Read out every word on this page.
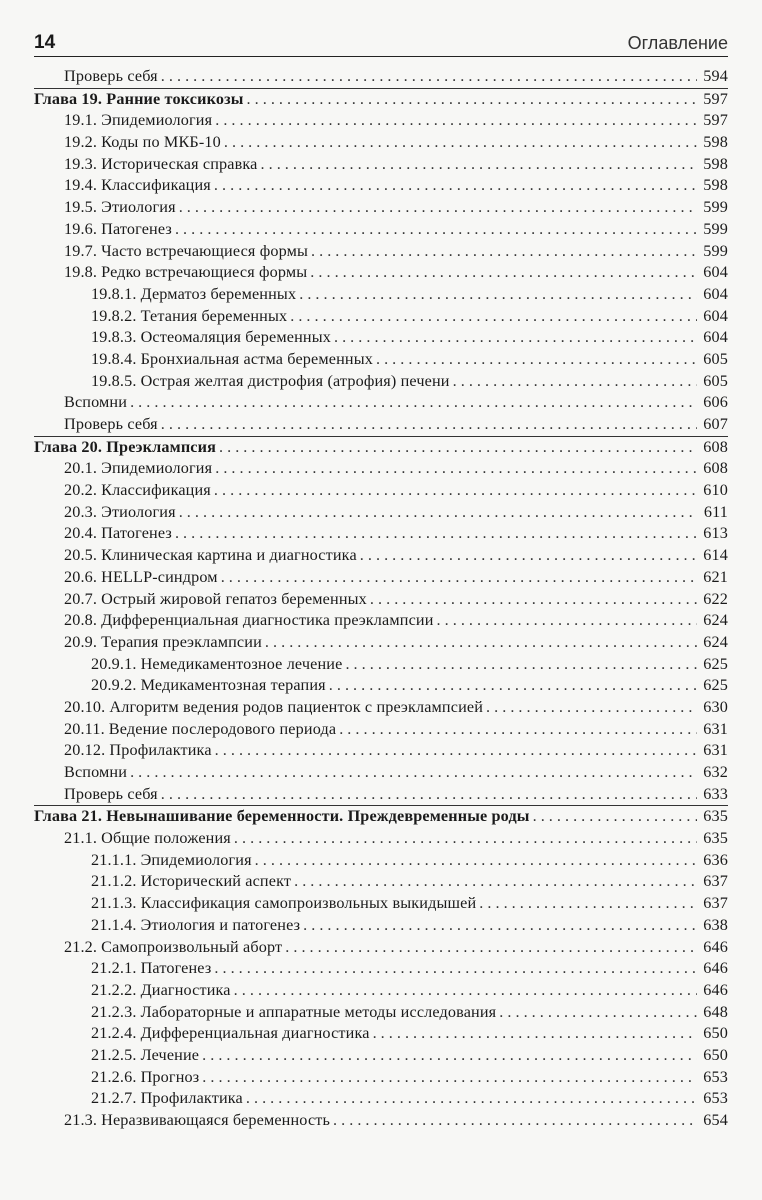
14	Оглавление
Проверь себя . . .	594
Глава 19. Ранние токсикозы . . .	597
19.1. Эпидемиология . . .	597
19.2. Коды по МКБ-10 . . .	598
19.3. Историческая справка . . .	598
19.4. Классификация . . .	598
19.5. Этиология . . .	599
19.6. Патогенез . . .	599
19.7. Часто встречающиеся формы . . .	599
19.8. Редко встречающиеся формы . . .	604
19.8.1. Дерматоз беременных . . .	604
19.8.2. Тетания беременных . . .	604
19.8.3. Остеомаляция беременных . . .	604
19.8.4. Бронхиальная астма беременных . . .	605
19.8.5. Острая желтая дистрофия (атрофия) печени . . .	605
Вспомни . . .	606
Проверь себя . . .	607
Глава 20. Преэклампсия . . .	608
20.1. Эпидемиология . . .	608
20.2. Классификация . . .	610
20.3. Этиология . . .	611
20.4. Патогенез . . .	613
20.5. Клиническая картина и диагностика . . .	614
20.6. HELLP-синдром . . .	621
20.7. Острый жировой гепатоз беременных . . .	622
20.8. Дифференциальная диагностика преэклампсии . . .	624
20.9. Терапия преэклампсии . . .	624
20.9.1. Немедикаментозное лечение . . .	625
20.9.2. Медикаментозная терапия . . .	625
20.10. Алгоритм ведения родов пациенток с преэклампсией . . .	630
20.11. Ведение послеродового периода . . .	631
20.12. Профилактика . . .	631
Вспомни . . .	632
Проверь себя . . .	633
Глава 21. Невынашивание беременности. Преждевременные роды . . .	635
21.1. Общие положения . . .	635
21.1.1. Эпидемиология . . .	636
21.1.2. Исторический аспект . . .	637
21.1.3. Классификация самопроизвольных выкидышей . . .	637
21.1.4. Этиология и патогенез . . .	638
21.2. Самопроизвольный аборт . . .	646
21.2.1. Патогенез . . .	646
21.2.2. Диагностика . . .	646
21.2.3. Лабораторные и аппаратные методы исследования . . .	648
21.2.4. Дифференциальная диагностика . . .	650
21.2.5. Лечение . . .	650
21.2.6. Прогноз . . .	653
21.2.7. Профилактика . . .	653
21.3. Неразвивающаяся беременность . . .	654
